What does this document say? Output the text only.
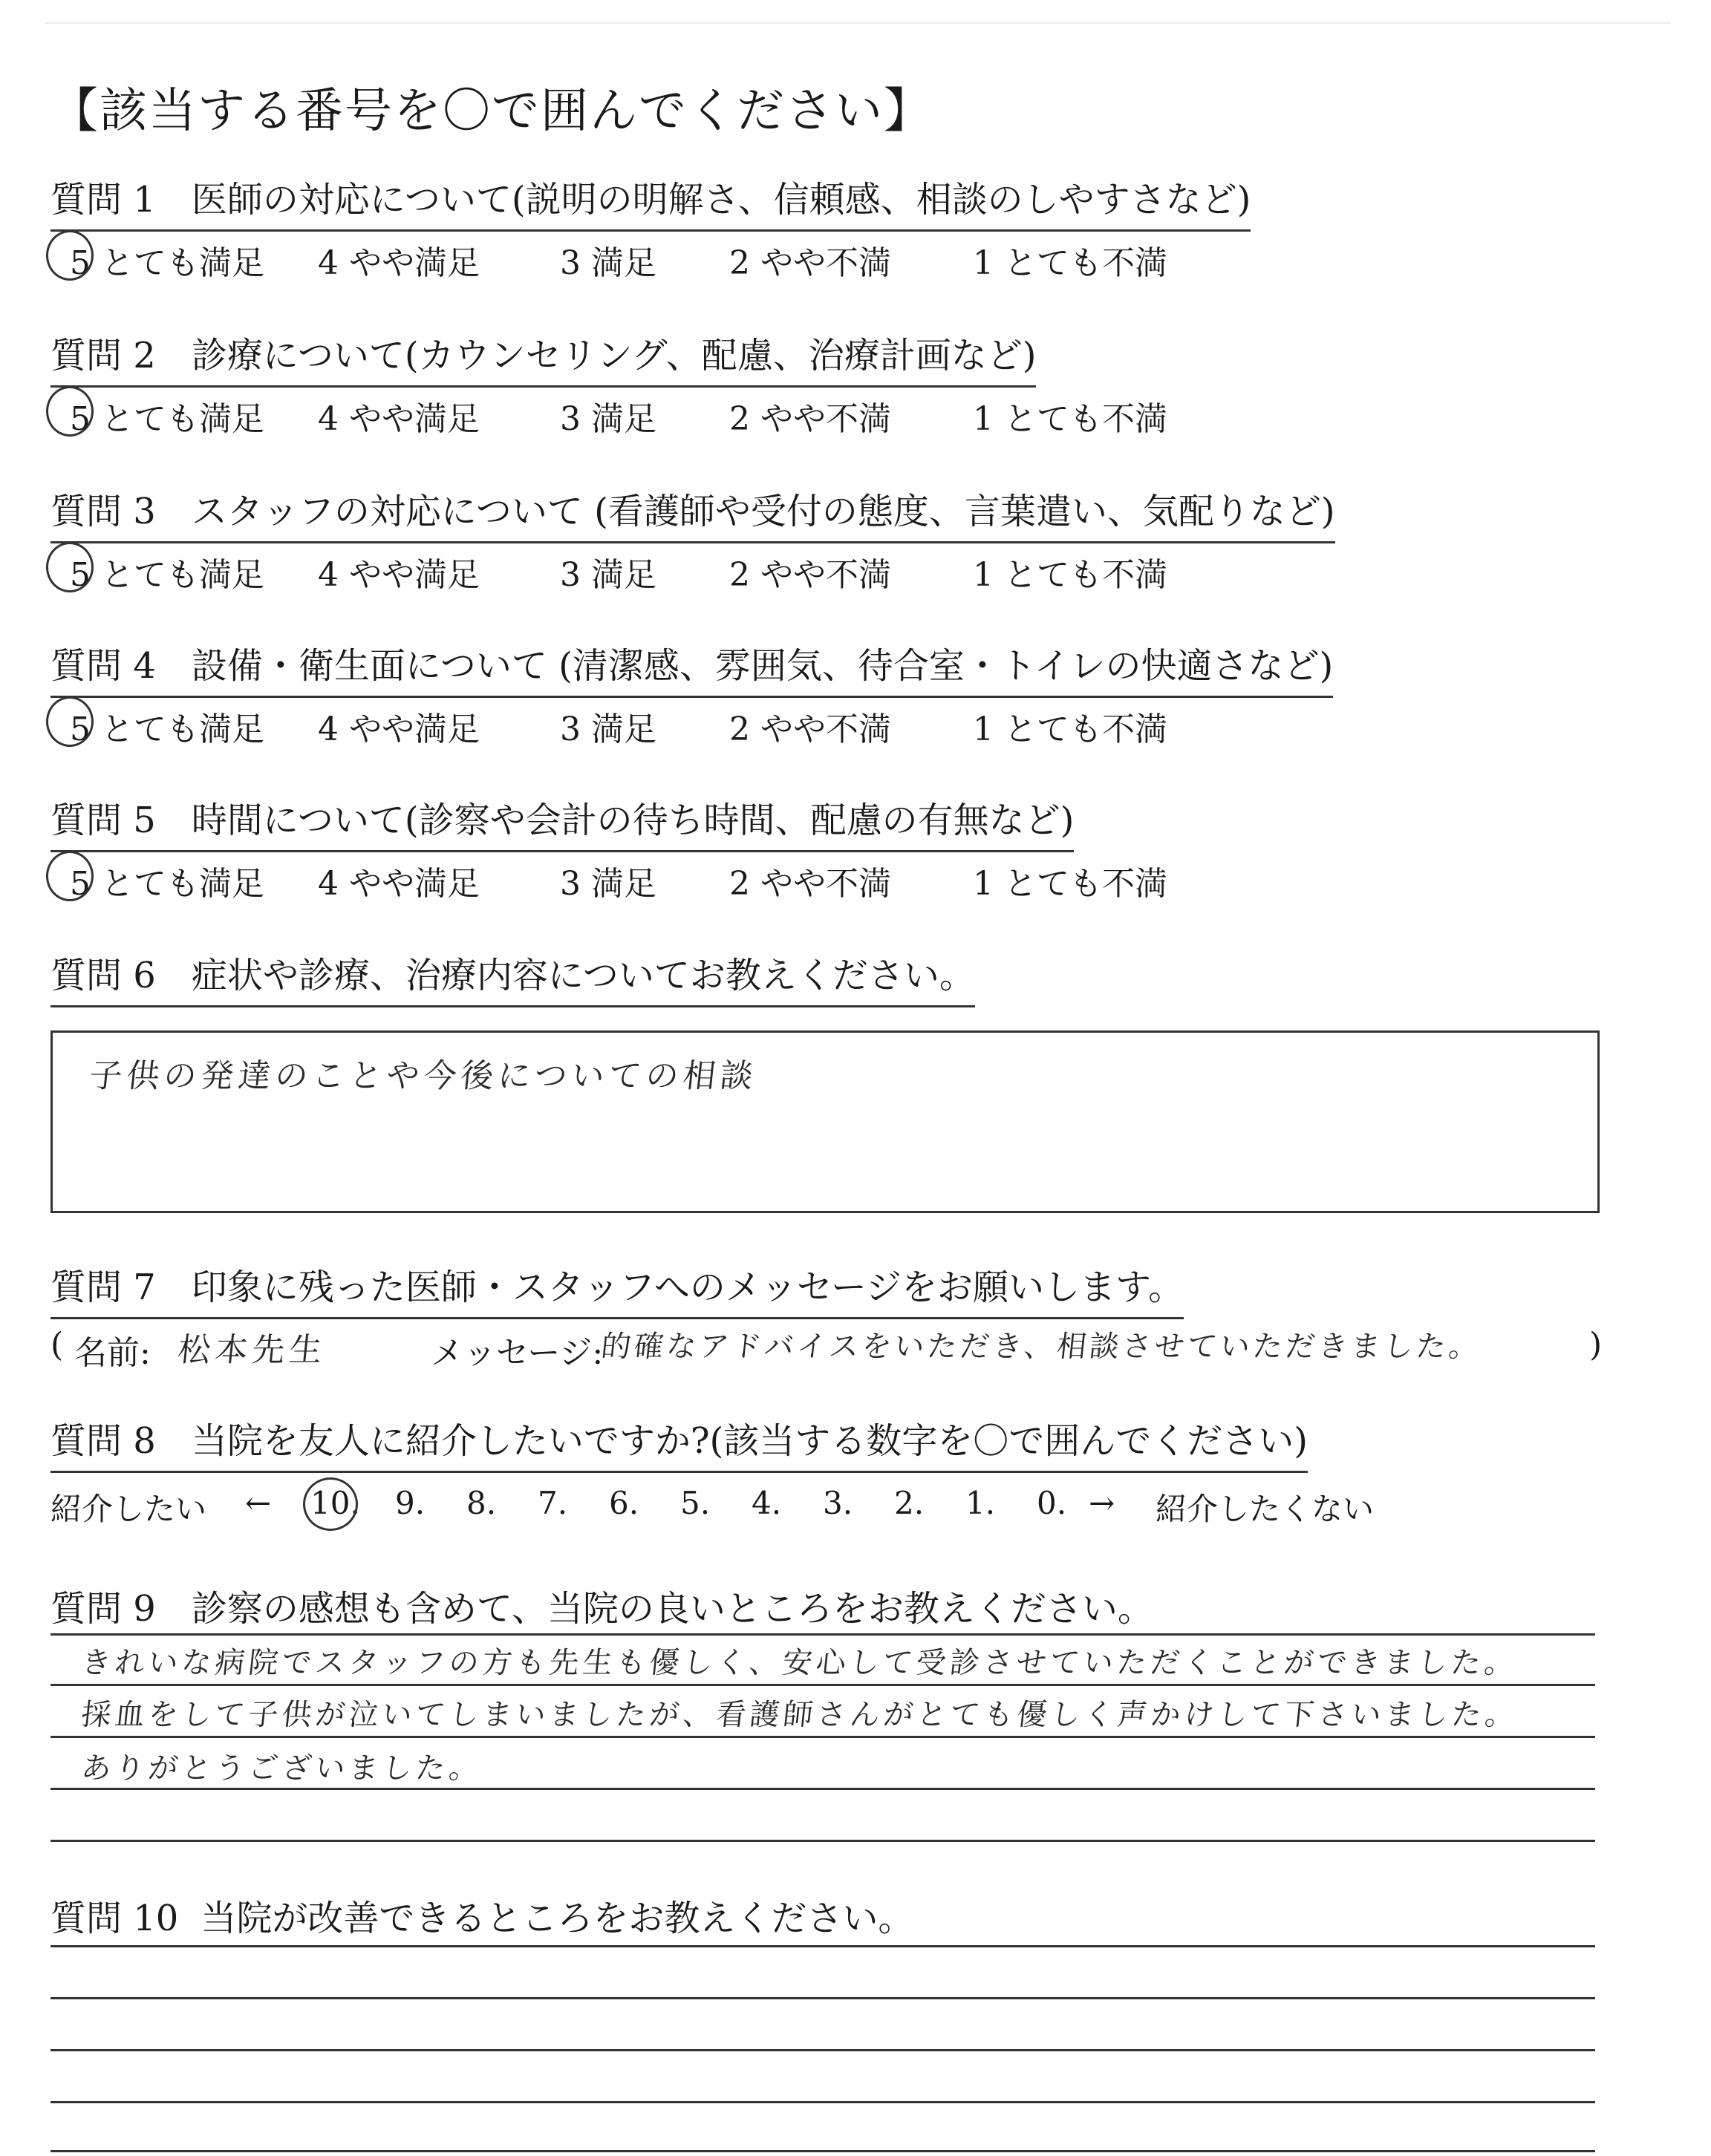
【該当する番号を〇で囲んでください】
質問 1 医師の対応について(説明の明解さ、信頼感、相談のしやすさなど)
5 とても満足 4 やや満足 3 満足 2 やや不満	1 とても不満
質問 2 診療について(カウンセリング、配慮、治療計画など)
5 とても満足 4 やや満足 3 満足 2 やや不満	1 とても不満
質問 3 スタッフの対応について (看護師や受付の態度、言葉遣い、気配りなど)
5 とても満足 4 やや満足 3 満足 2 やや不満	1 とても不満
質問 4 設備・衛生面について (清潔感、雰囲気、待合室・トイレの快適さなど)
5 とても満足 4 やや満足 3 満足 2 やや不満	1 とても不満
質問 5 時間について(診察や会計の待ち時間、配慮の有無など)
5 とても満足 4 やや満足 3 満足 2 やや不満	1 とても不満
質問 6 症状や診療、治療内容についてお教えください。
子供の発達のことや今後についての相談
質問 7 印象に残った医師・スタッフへのメッセージをお願いします。
( 名前: 松本先生	メッセージ:
的確なアドバイスをいただき、相談させていただきました。	)
質問 8 当院を友人に紹介したいですか?(該当する数字を〇で囲んでください)
紹介したい ← 10. 9. 8. 7. 6. 5. 4. 3. 2. 1. 0. → 紹介したくない
質問 9 診察の感想も含めて、当院の良いところをお教えください。
きれいな病院でスタッフの方も先生も優しく、安心して受診させていただくことができました。
採血をして子供が泣いてしまいましたが、看護師さんがとても優しく声かけして下さいました。
ありがとうございました。
質問 10 当院が改善できるところをお教えください。
